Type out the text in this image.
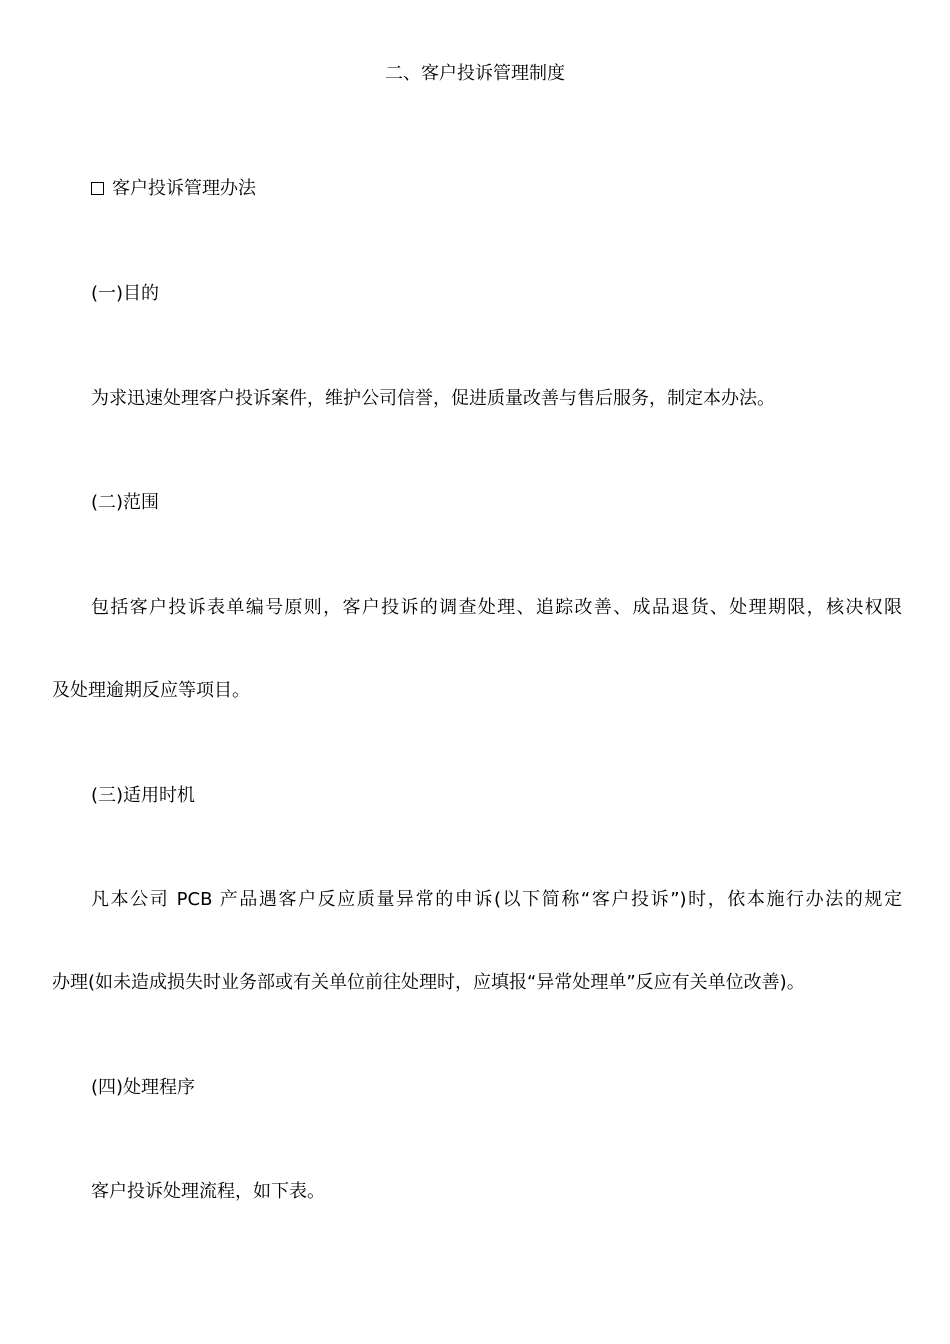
二、客户投诉管理制度
客户投诉管理办法
(一)目的
为求迅速处理客户投诉案件，维护公司信誉，促进质量改善与售后服务，制定本办法。
(二)范围
包括客户投诉表单编号原则，客户投诉的调查处理、追踪改善、成品退货、处理期限，核决权限
及处理逾期反应等项目。
(三)适用时机
凡本公司 PCB 产品遇客户反应质量异常的申诉(以下简称“客户投诉”)时，依本施行办法的规定
办理(如未造成损失时业务部或有关单位前往处理时，应填报“异常处理单”反应有关单位改善)。
(四)处理程序
客户投诉处理流程，如下表。
